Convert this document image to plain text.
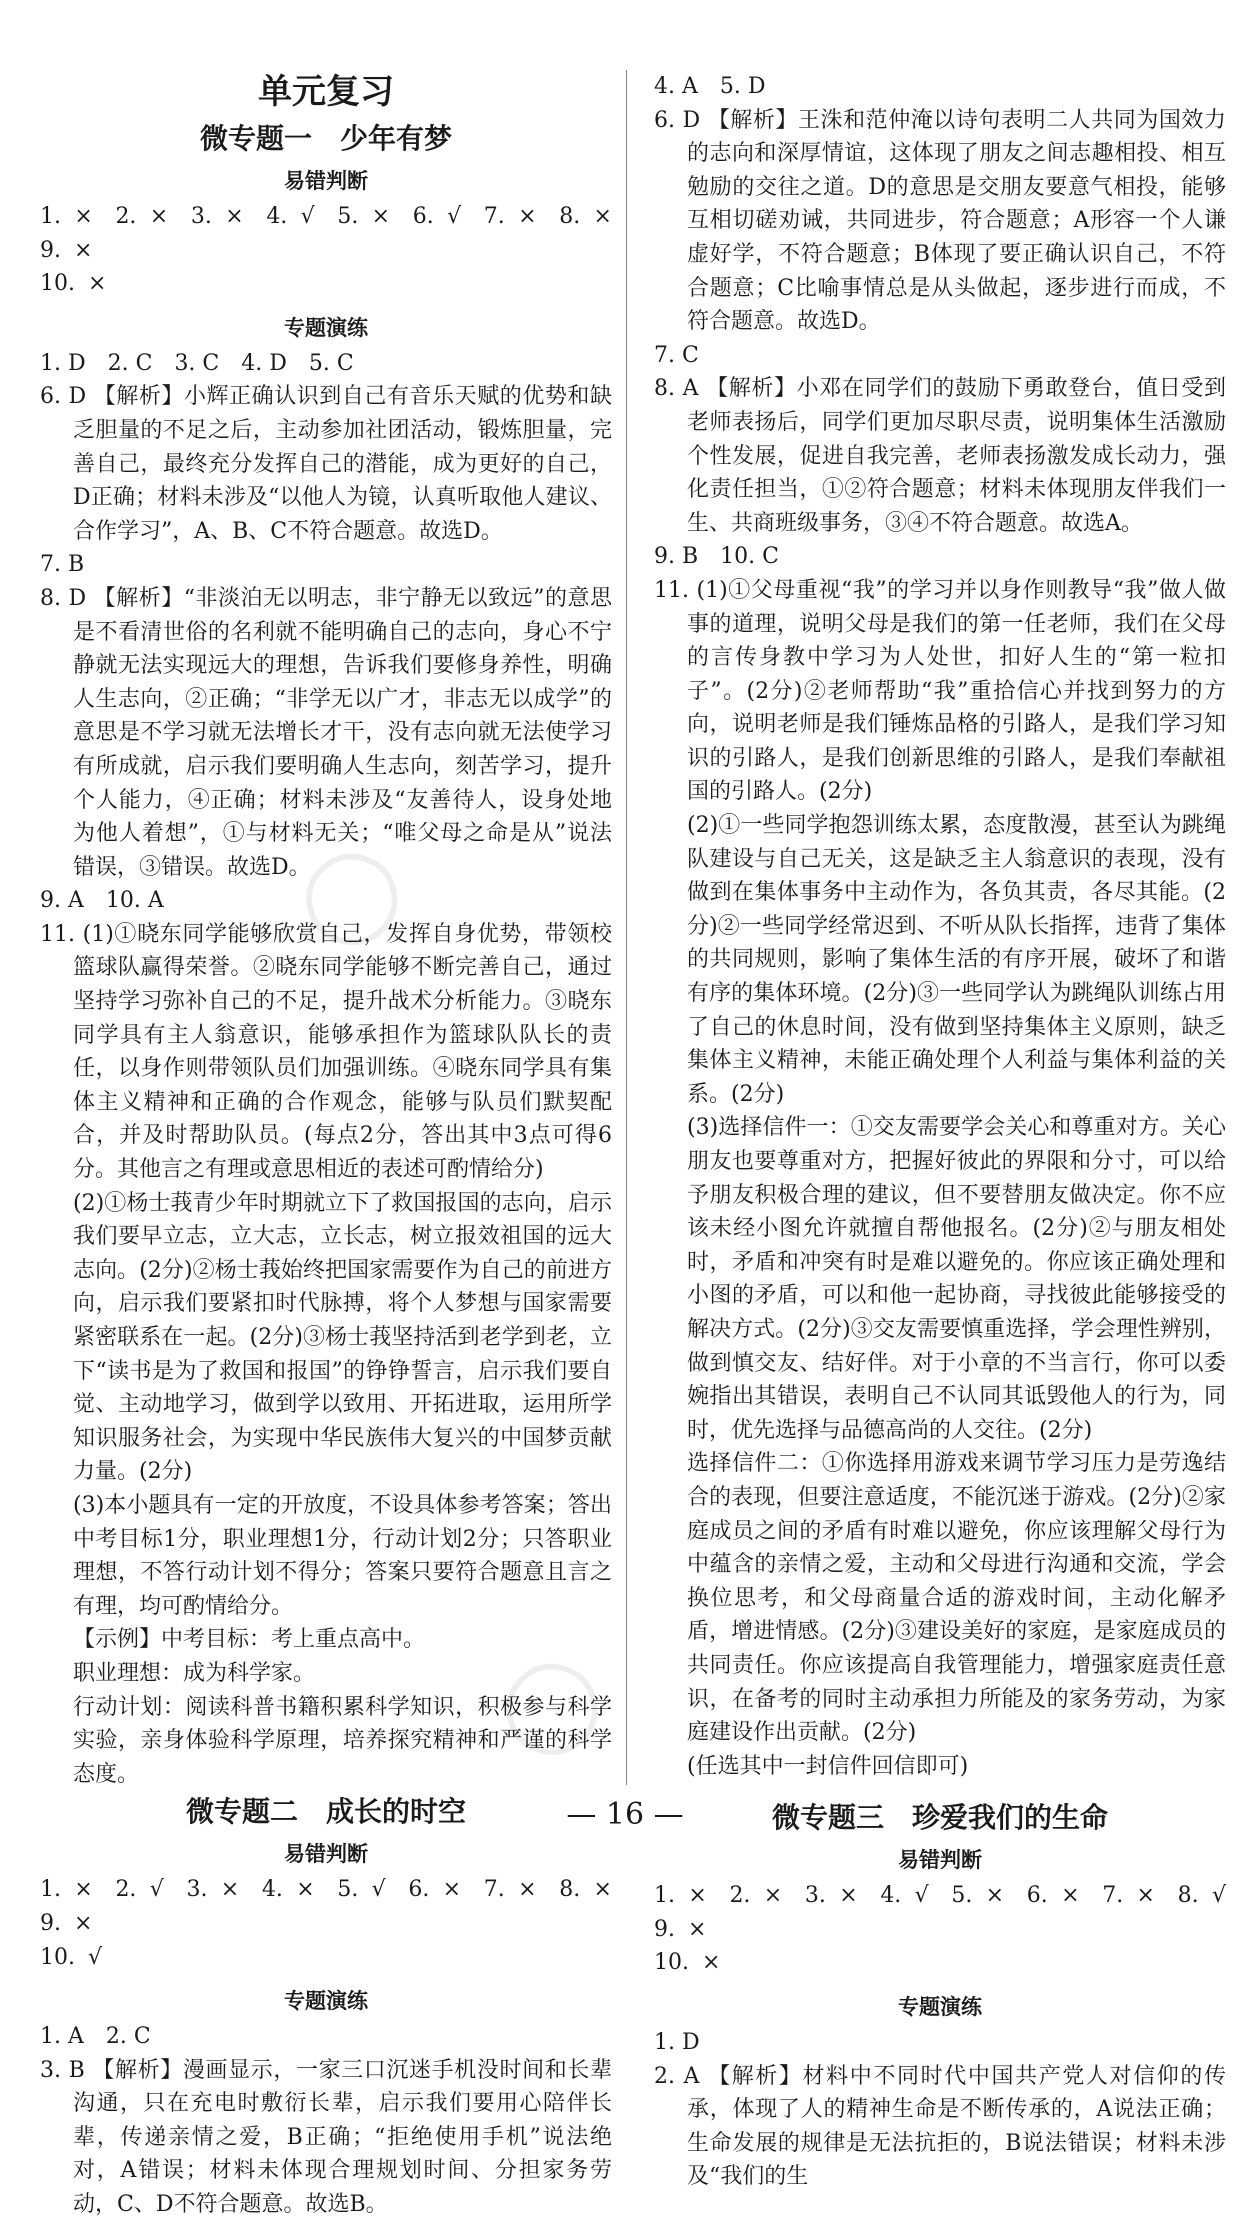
◯
◯

单元复习

微专题一　少年有梦

易错判断

1. ×　2. ×　3. ×　4. √　5. ×　6. √　7. ×　8. ×　9. ×

10. ×

专题演练

1. D　2. C　3. C　4. D　5. C

6. D 【解析】小辉正确认识到自己有音乐天赋的优势和缺乏胆量的不足之后，主动参加社团活动，锻炼胆量，完善自己，最终充分发挥自己的潜能，成为更好的自己，D正确；材料未涉及“以他人为镜，认真听取他人建议、合作学习”，A、B、C不符合题意。故选D。

7. B

8. D 【解析】“非淡泊无以明志，非宁静无以致远”的意思是不看清世俗的名利就不能明确自己的志向，身心不宁静就无法实现远大的理想，告诉我们要修身养性，明确人生志向，②正确；“非学无以广才，非志无以成学”的意思是不学习就无法增长才干，没有志向就无法使学习有所成就，启示我们要明确人生志向，刻苦学习，提升个人能力，④正确；材料未涉及“友善待人，设身处地为他人着想”，①与材料无关；“唯父母之命是从”说法错误，③错误。故选D。

9. A　10. A

11. (1)①晓东同学能够欣赏自己，发挥自身优势，带领校篮球队赢得荣誉。②晓东同学能够不断完善自己，通过坚持学习弥补自己的不足，提升战术分析能力。③晓东同学具有主人翁意识，能够承担作为篮球队队长的责任，以身作则带领队员们加强训练。④晓东同学具有集体主义精神和正确的合作观念，能够与队员们默契配合，并及时帮助队员。(每点2分，答出其中3点可得6分。其他言之有理或意思相近的表述可酌情给分)

(2)①杨士莪青少年时期就立下了救国报国的志向，启示我们要早立志，立大志，立长志，树立报效祖国的远大志向。(2分)②杨士莪始终把国家需要作为自己的前进方向，启示我们要紧扣时代脉搏，将个人梦想与国家需要紧密联系在一起。(2分)③杨士莪坚持活到老学到老，立下“读书是为了救国和报国”的铮铮誓言，启示我们要自觉、主动地学习，做到学以致用、开拓进取，运用所学知识服务社会，为实现中华民族伟大复兴的中国梦贡献力量。(2分)

(3)本小题具有一定的开放度，不设具体参考答案；答出中考目标1分，职业理想1分，行动计划2分；只答职业理想，不答行动计划不得分；答案只要符合题意且言之有理，均可酌情给分。

【示例】中考目标：考上重点高中。

职业理想：成为科学家。

行动计划：阅读科普书籍积累科学知识，积极参与科学实验，亲身体验科学原理，培养探究精神和严谨的科学态度。

微专题二　成长的时空

易错判断

1. ×　2. √　3. ×　4. ×　5. √　6. ×　7. ×　8. ×　9. ×

10. √

专题演练

1. A　2. C

3. B 【解析】漫画显示，一家三口沉迷手机没时间和长辈沟通，只在充电时敷衍长辈，启示我们要用心陪伴长辈，传递亲情之爱，B正确；“拒绝使用手机”说法绝对，A错误；材料未体现合理规划时间、分担家务劳动，C、D不符合题意。故选B。

4. A　5. D

6. D 【解析】王洙和范仲淹以诗句表明二人共同为国效力的志向和深厚情谊，这体现了朋友之间志趣相投、相互勉励的交往之道。D的意思是交朋友要意气相投，能够互相切磋劝诫，共同进步，符合题意；A形容一个人谦虚好学，不符合题意；B体现了要正确认识自己，不符合题意；C比喻事情总是从头做起，逐步进行而成，不符合题意。故选D。

7. C

8. A 【解析】小邓在同学们的鼓励下勇敢登台，值日受到老师表扬后，同学们更加尽职尽责，说明集体生活激励个性发展，促进自我完善，老师表扬激发成长动力，强化责任担当，①②符合题意；材料未体现朋友伴我们一生、共商班级事务，③④不符合题意。故选A。

9. B　10. C

11. (1)①父母重视“我”的学习并以身作则教导“我”做人做事的道理，说明父母是我们的第一任老师，我们在父母的言传身教中学习为人处世，扣好人生的“第一粒扣子”。(2分)②老师帮助“我”重拾信心并找到努力的方向，说明老师是我们锤炼品格的引路人，是我们学习知识的引路人，是我们创新思维的引路人，是我们奉献祖国的引路人。(2分)

(2)①一些同学抱怨训练太累，态度散漫，甚至认为跳绳队建设与自己无关，这是缺乏主人翁意识的表现，没有做到在集体事务中主动作为，各负其责，各尽其能。(2分)②一些同学经常迟到、不听从队长指挥，违背了集体的共同规则，影响了集体生活的有序开展，破坏了和谐有序的集体环境。(2分)③一些同学认为跳绳队训练占用了自己的休息时间，没有做到坚持集体主义原则，缺乏集体主义精神，未能正确处理个人利益与集体利益的关系。(2分)

(3)选择信件一：①交友需要学会关心和尊重对方。关心朋友也要尊重对方，把握好彼此的界限和分寸，可以给予朋友积极合理的建议，但不要替朋友做决定。你不应该未经小图允许就擅自帮他报名。(2分)②与朋友相处时，矛盾和冲突有时是难以避免的。你应该正确处理和小图的矛盾，可以和他一起协商，寻找彼此能够接受的解决方式。(2分)③交友需要慎重选择，学会理性辨别，做到慎交友、结好伴。对于小章的不当言行，你可以委婉指出其错误，表明自己不认同其诋毁他人的行为，同时，优先选择与品德高尚的人交往。(2分)

选择信件二：①你选择用游戏来调节学习压力是劳逸结合的表现，但要注意适度，不能沉迷于游戏。(2分)②家庭成员之间的矛盾有时难以避免，你应该理解父母行为中蕴含的亲情之爱，主动和父母进行沟通和交流，学会换位思考，和父母商量合适的游戏时间，主动化解矛盾，增进情感。(2分)③建设美好的家庭，是家庭成员的共同责任。你应该提高自我管理能力，增强家庭责任意识，在备考的同时主动承担力所能及的家务劳动，为家庭建设作出贡献。(2分)

(任选其中一封信件回信即可)

微专题三　珍爱我们的生命

易错判断

1. ×　2. ×　3. ×　4. √　5. ×　6. ×　7. ×　8. √　9. ×

10. ×

专题演练

1. D

2. A 【解析】材料中不同时代中国共产党人对信仰的传承，体现了人的精神生命是不断传承的，A说法正确；生命发展的规律是无法抗拒的，B说法错误；材料未涉及“我们的生

— 16 —
